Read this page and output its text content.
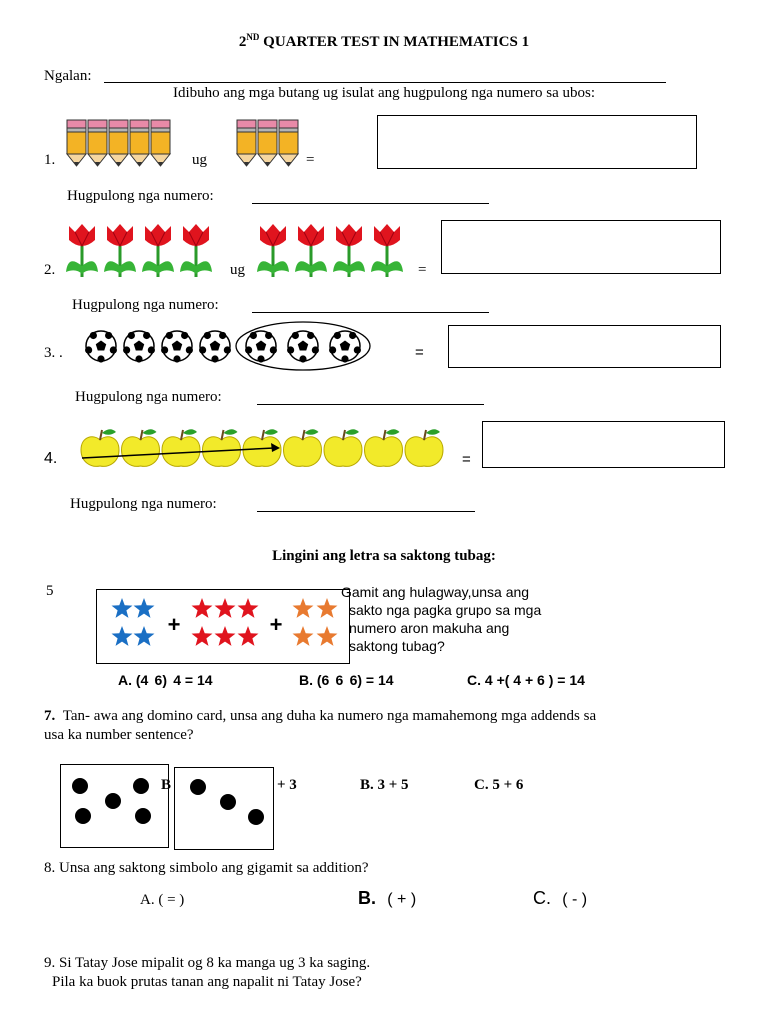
2ND QUARTER TEST IN MATHEMATICS 1
Ngalan:
Idibuho ang mga butang ug isulat ang hugpulong nga numero sa ubos:
1.	ug	=
Hugpulong nga numero:
2.	ug	=
Hugpulong nga numero:
3. .	=
Hugpulong nga numero:
4.	=
Hugpulong nga numero:
Lingini ang letra sa saktong tubag:
5
+	+
Gamit ang hulagway,unsa ang
sakto nga pagka grupo sa mga
numero aron makuha ang
saktong tubag?
A. (4  6)  4 = 14	B. (6  6  6) = 14	C. 4 +( 4 + 6 ) = 14
7. Tan- awa ang domino card, unsa ang duha ka numero nga mamahemong mga addends sa
usa ka number sentence?
B	+ 3	B. 3 + 5	C. 5 + 6
8. Unsa ang saktong simbolo ang gigamit sa addition?
A. ( = )	B. ( + )	C. ( - )
9. Si Tatay Jose mipalit og 8 ka manga ug 3 ka saging.
Pila ka buok prutas tanan ang napalit ni Tatay Jose?
